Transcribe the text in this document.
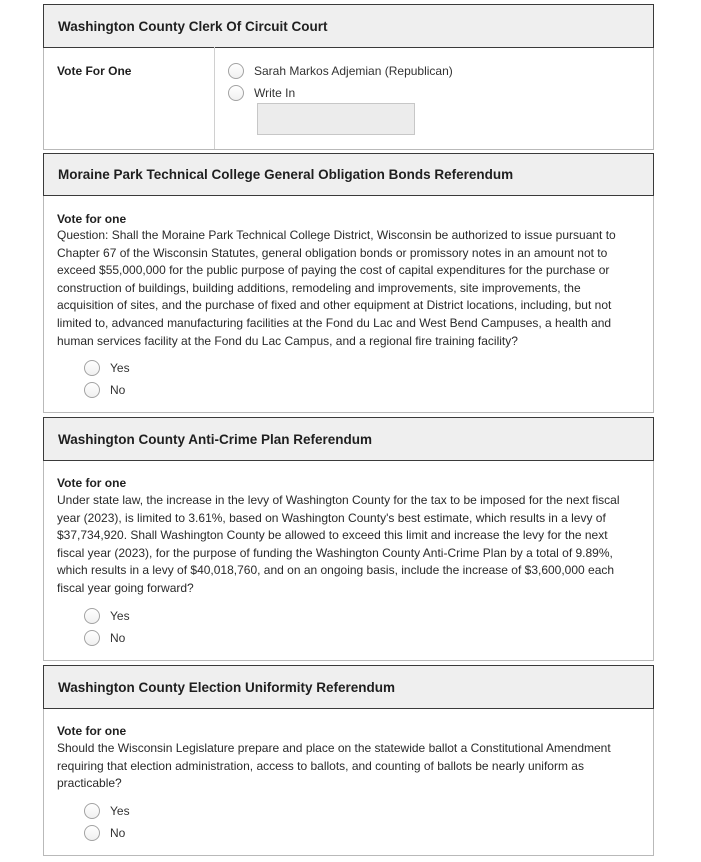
Washington County Clerk Of Circuit Court
Vote For One	Sarah Markos Adjemian (Republican)
Write In
Moraine Park Technical College General Obligation Bonds Referendum
Vote for one
Question: Shall the Moraine Park Technical College District, Wisconsin be authorized to issue pursuant to
Chapter 67 of the Wisconsin Statutes, general obligation bonds or promissory notes in an amount not to
exceed $55,000,000 for the public purpose of paying the cost of capital expenditures for the purchase or
construction of buildings, building additions, remodeling and improvements, site improvements, the
acquisition of sites, and the purchase of fixed and other equipment at District locations, including, but not
limited to, advanced manufacturing facilities at the Fond du Lac and West Bend Campuses, a health and
human services facility at the Fond du Lac Campus, and a regional fire training facility?
Yes
No
Washington County Anti-Crime Plan Referendum
Vote for one
Under state law, the increase in the levy of Washington County for the tax to be imposed for the next fiscal
year (2023), is limited to 3.61%, based on Washington County's best estimate, which results in a levy of
$37,734,920. Shall Washington County be allowed to exceed this limit and increase the levy for the next
fiscal year (2023), for the purpose of funding the Washington County Anti-Crime Plan by a total of 9.89%,
which results in a levy of $40,018,760, and on an ongoing basis, include the increase of $3,600,000 each
fiscal year going forward?
Yes
No
Washington County Election Uniformity Referendum
Vote for one
Should the Wisconsin Legislature prepare and place on the statewide ballot a Constitutional Amendment
requiring that election administration, access to ballots, and counting of ballots be nearly uniform as
practicable?
Yes
No
